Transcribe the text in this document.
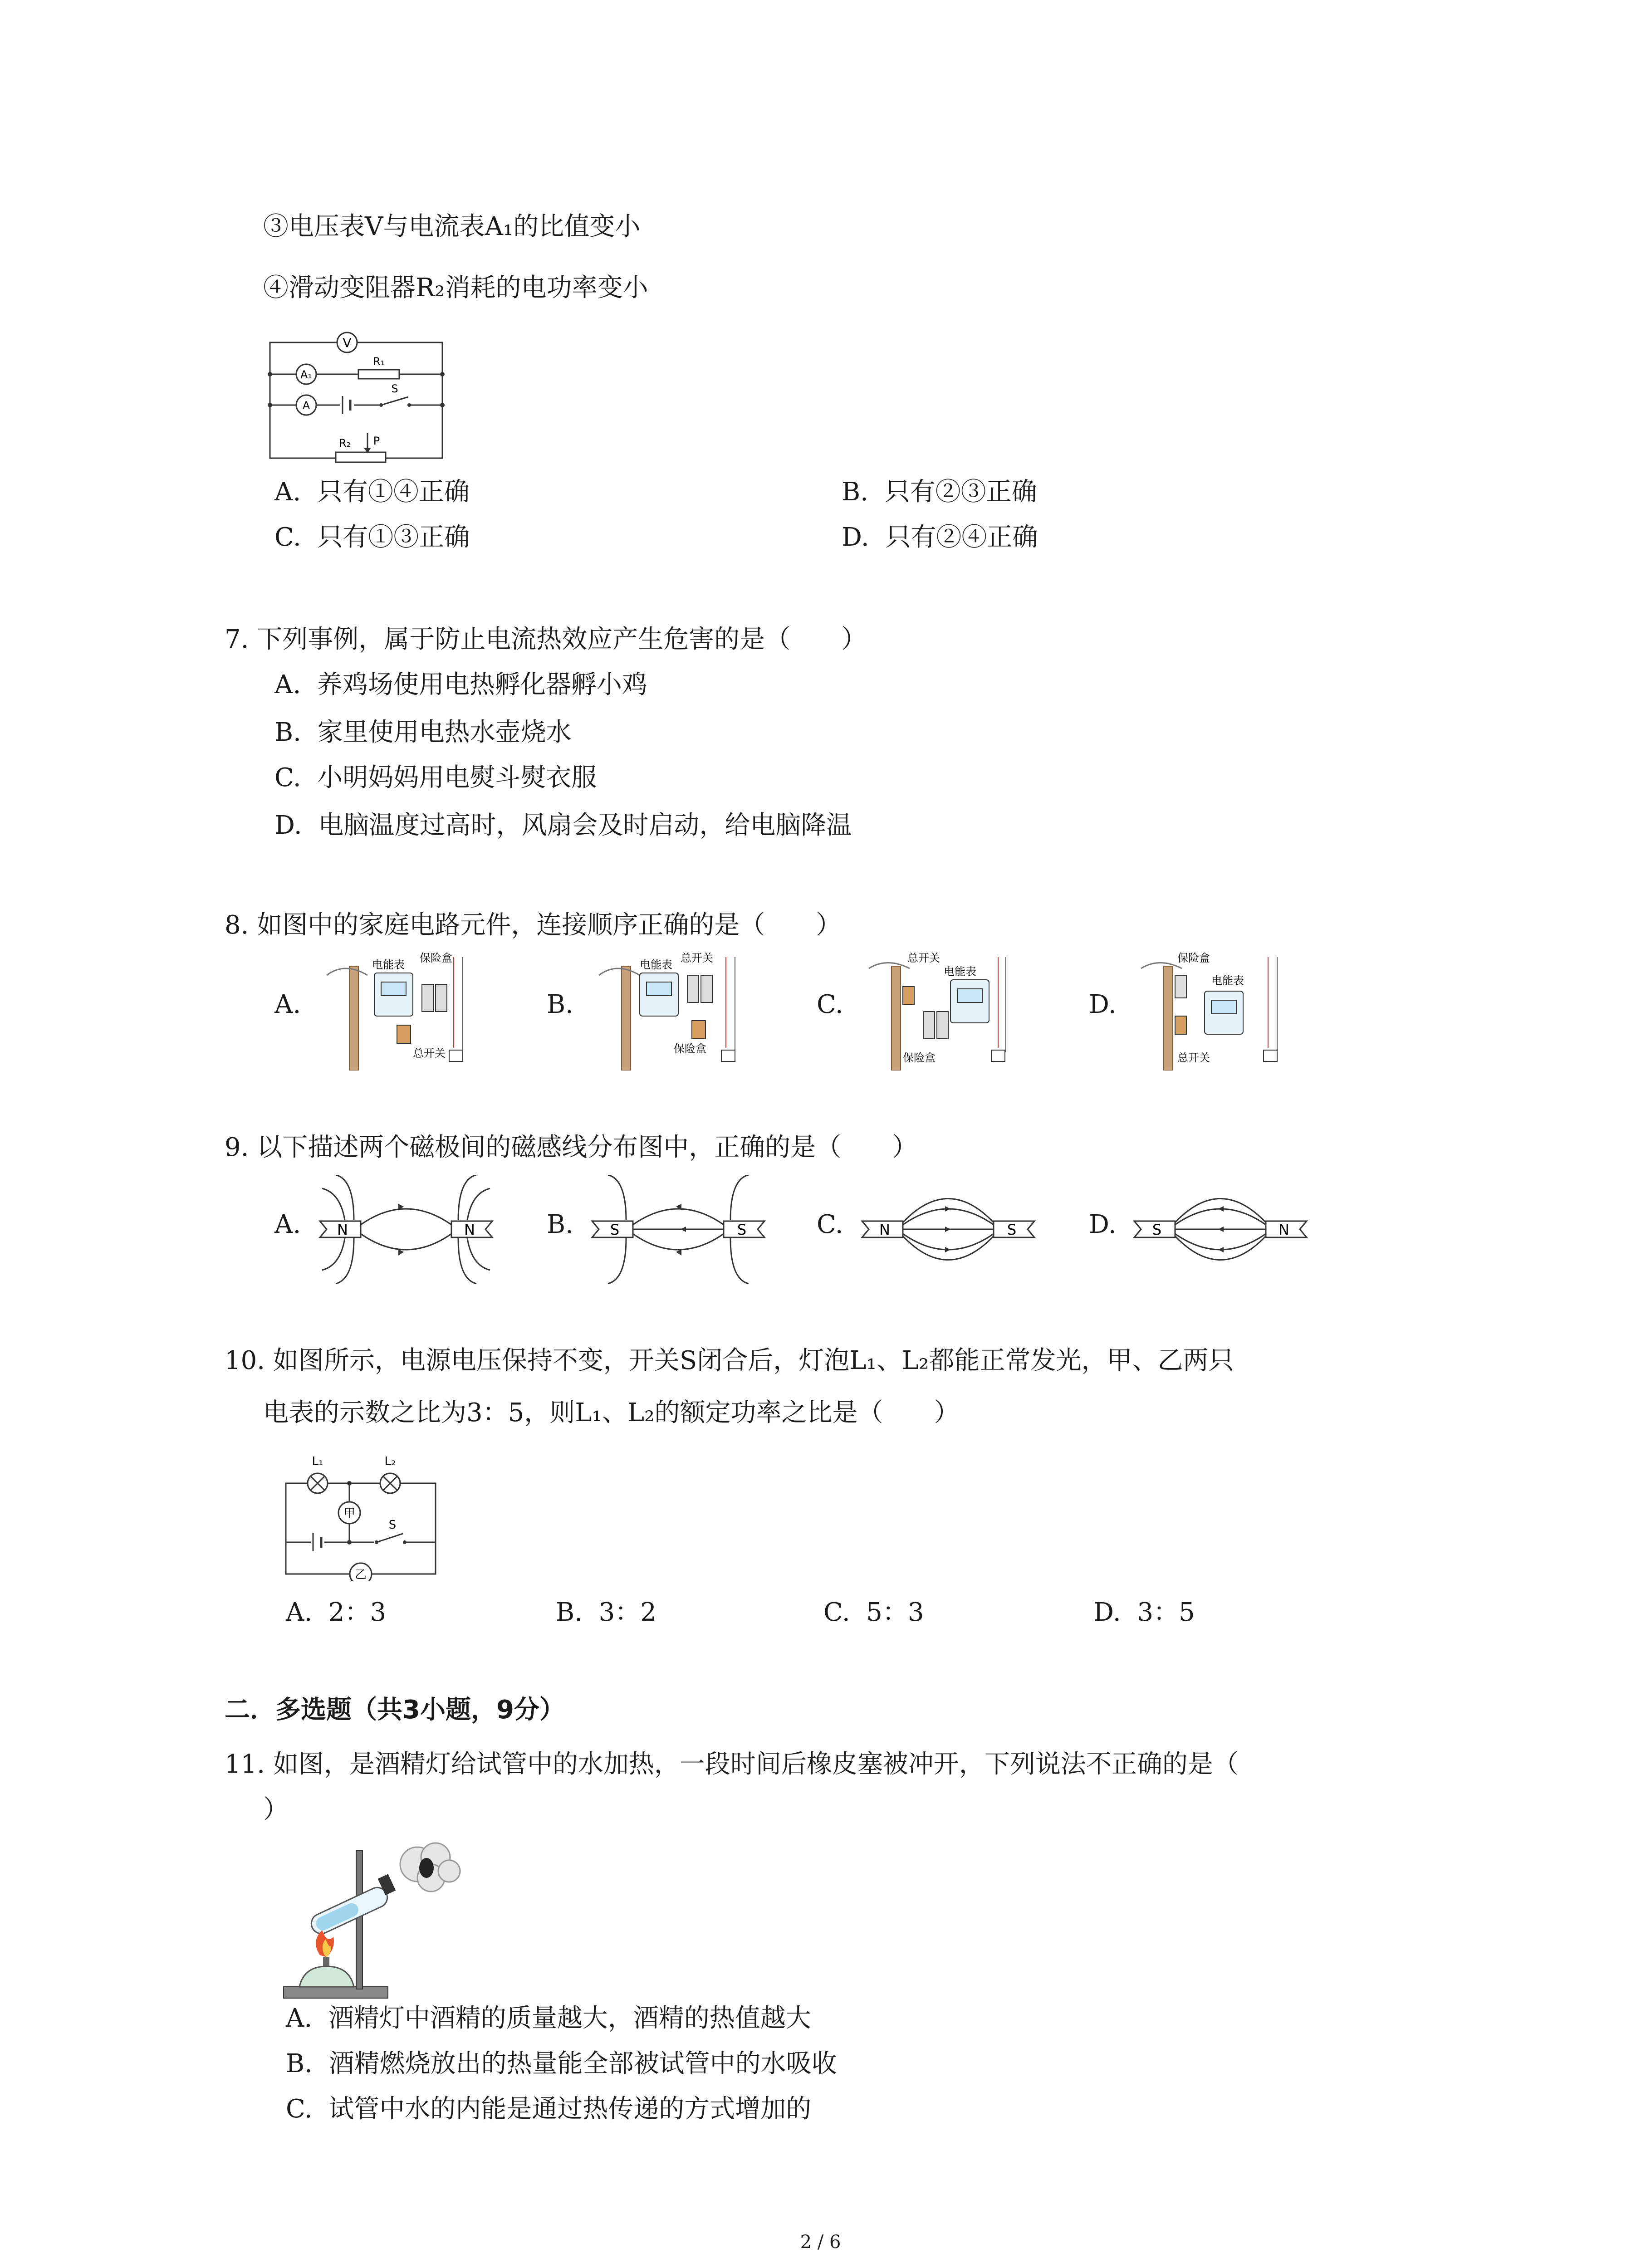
③电压表V与电流表A₁的比值变小
④滑动变阻器R₂消耗的电功率变小
V
A₁
R₁
A
S
R₂ P
A. 只有①④正确	B. 只有②③正确
C. 只有①③正确	D. 只有②④正确
7. 下列事例，属于防止电流热效应产生危害的是（　　）
A. 养鸡场使用电热孵化器孵小鸡
B. 家里使用电热水壶烧水
C. 小明妈妈用电熨斗熨衣服
D. 电脑温度过高时，风扇会及时启动，给电脑降温
8. 如图中的家庭电路元件，连接顺序正确的是（　　）
A.
保险盒
电能表
总开关
B.
电能表
总开关
保险盒
C.
总开关
电能表
保险盒
D.
保险盒
电能表
总开关
9. 以下描述两个磁极间的磁感线分布图中，正确的是（　　）
A. N	N	B.	S	S	C. N	S	D. S	N
10. 如图所示，电源电压保持不变，开关S闭合后，灯泡L₁、L₂都能正常发光，甲、乙两只
电表的示数之比为3：5，则L₁、L₂的额定功率之比是（　　）
L₁	L₂
甲
S
乙
A. 2：3	B. 3：2	C. 5：3	D. 3：5
二．多选题（共3小题，9分）
11. 如图，是酒精灯给试管中的水加热，一段时间后橡皮塞被冲开，下列说法不正确的是（
）
A. 酒精灯中酒精的质量越大，酒精的热值越大
B. 酒精燃烧放出的热量能全部被试管中的水吸收
C. 试管中水的内能是通过热传递的方式增加的
2 / 6
